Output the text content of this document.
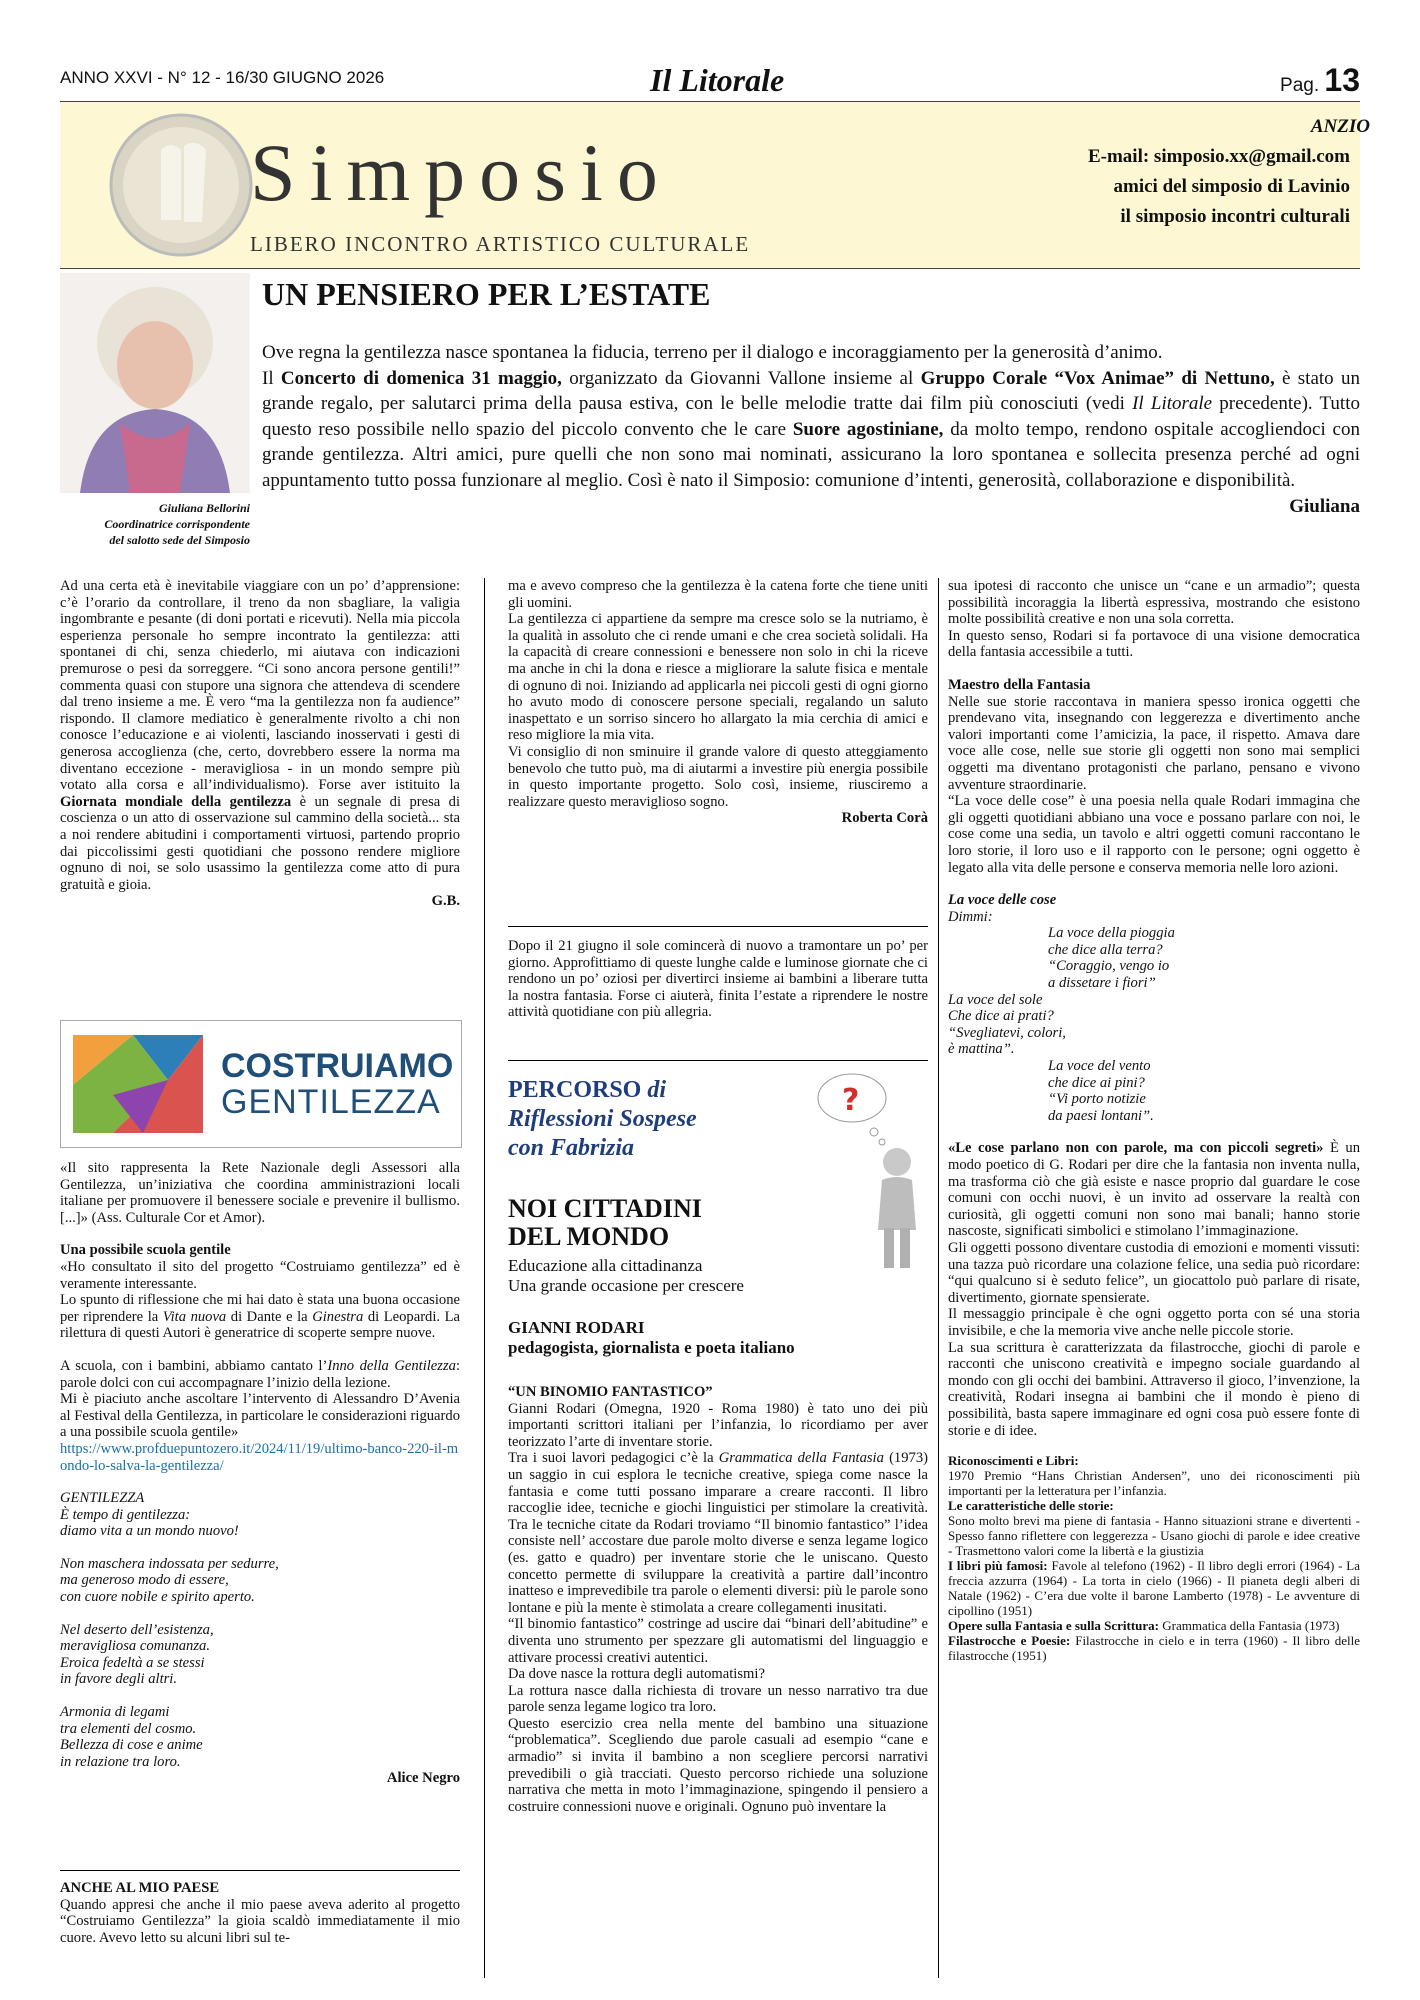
ANNO XXVI - N° 12 - 16/30 GIUGNO 2026	Il Litorale	Pag. 13
Simposio
LIBERO INCONTRO ARTISTICO CULTURALE
ANZIO
E-mail: simposio.xx@gmail.com
amici del simposio di Lavinio
il simposio incontri culturali
Giuliana Bellorini
Coordinatrice corrispondente
del salotto sede del Simposio
UN PENSIERO PER L’ESTATE
Ove regna la gentilezza nasce spontanea la fiducia, terreno per il dialogo e incoraggiamento per la generosità d’animo.
Il Concerto di domenica 31 maggio, organizzato da Giovanni Vallone insieme al Gruppo Corale “Vox Animae” di Nettuno, è stato un grande regalo, per salutarci prima della pausa estiva, con le belle melodie tratte dai film più conosciuti (vedi Il Litorale precedente). Tutto questo reso possibile nello spazio del piccolo convento che le care Suore agostiniane, da molto tempo, rendono ospitale accogliendoci con grande gentilezza. Altri amici, pure quelli che non sono mai nominati, assicurano la loro spontanea e sollecita presenza perché ad ogni appuntamento tutto possa funzionare al meglio. Così è nato il Simposio: comunione d’intenti, generosità, collaborazione e disponibilità.
Giuliana

Ad una certa età è inevitabile viaggiare con un po’ d’apprensione: c’è l’orario da controllare, il treno da non sbagliare, la valigia ingombrante e pesante (di doni portati e ricevuti). Nella mia piccola esperienza personale ho sempre incontrato la gentilezza: atti spontanei di chi, senza chiederlo, mi aiutava con indicazioni premurose o pesi da sorreggere. “Ci sono ancora persone gentili!” commenta quasi con stupore una signora che attendeva di scendere dal treno insieme a me. È vero “ma la gentilezza non fa audience” rispondo. Il clamore mediatico è generalmente rivolto a chi non conosce l’educazione e ai violenti, lasciando inosservati i gesti di generosa accoglienza (che, certo, dovrebbero essere la norma ma diventano eccezione - meravigliosa - in un mondo sempre più votato alla corsa e all’individualismo). Forse aver istituito la Giornata mondiale della gentilezza è un segnale di presa di coscienza o un atto di osservazione sul cammino della società... sta a noi rendere abitudini i comportamenti virtuosi, partendo proprio dai piccolissimi gesti quotidiani che possono rendere migliore ognuno di noi, se solo usassimo la gentilezza come atto di pura gratuità e gioia.

G.B.

COSTRUIAMO
GENTILEZZA

«Il sito rappresenta la Rete Nazionale degli Assessori alla Gentilezza, un’iniziativa che coordina amministrazioni locali italiane per promuovere il benessere sociale e prevenire il bullismo. [...]» (Ass. Culturale Cor et Amor).

Una possibile scuola gentile

«Ho consultato il sito del progetto “Costruiamo gentilezza” ed è veramente interessante.

Lo spunto di riflessione che mi hai dato è stata una buona occasione per riprendere la Vita nuova di Dante e la Ginestra di Leopardi. La rilettura di questi Autori è generatrice di scoperte sempre nuove.

A scuola, con i bambini, abbiamo cantato l’Inno della Gentilezza: parole dolci con cui accompagnare l’inizio della lezione.

Mi è piaciuto anche ascoltare l’intervento di Alessandro D’Avenia al Festival della Gentilezza, in particolare le considerazioni riguardo a una possibile scuola gentile»

https://www.profduepuntozero.it/2024/11/19/ultimo-banco-220-il-mondo-lo-salva-la-gentilezza/

GENTILEZZA
È tempo di gentilezza:
diamo vita a un mondo nuovo!
Non maschera indossata per sedurre,
ma generoso modo di essere,
con cuore nobile e spirito aperto.
Nel deserto dell’esistenza,
meravigliosa comunanza.
Eroica fedeltà a se stessi
in favore degli altri.
Armonia di legami
tra elementi del cosmo.
Bellezza di cose e anime
in relazione tra loro.

Alice Negro

ANCHE AL MIO PAESE

Quando appresi che anche il mio paese aveva aderito al progetto “Costruiamo Gentilezza” la gioia scaldò immediatamente il mio cuore. Avevo letto su alcuni libri sul te-

ma e avevo compreso che la gentilezza è la catena forte che tiene uniti gli uomini.

La gentilezza ci appartiene da sempre ma cresce solo se la nutriamo, è la qualità in assoluto che ci rende umani e che crea società solidali. Ha la capacità di creare connessioni e benessere non solo in chi la riceve ma anche in chi la dona e riesce a migliorare la salute fisica e mentale di ognuno di noi. Iniziando ad applicarla nei piccoli gesti di ogni giorno ho avuto modo di conoscere persone speciali, regalando un saluto inaspettato e un sorriso sincero ho allargato la mia cerchia di amici e reso migliore la mia vita.

Vi consiglio di non sminuire il grande valore di questo atteggiamento benevolo che tutto può, ma di aiutarmi a investire più energia possibile in questo importante progetto. Solo così, insieme, riusciremo a realizzare questo meraviglioso sogno.

Roberta Corà

Dopo il 21 giugno il sole comincerà di nuovo a tramontare un po’ per giorno. Approfittiamo di queste lunghe calde e luminose giornate che ci rendono un po’ oziosi per divertirci insieme ai bambini a liberare tutta la nostra fantasia. Forse ci aiuterà, finita l’estate a riprendere le nostre attività quotidiane con più allegria.

PERCORSO di
Riflessioni Sospese
con Fabrizia
?
NOI CITTADINI
DEL MONDO
Educazione alla cittadinanza
Una grande occasione per crescere
GIANNI RODARI
pedagogista, giornalista e poeta italiano

“UN BINOMIO FANTASTICO”

Gianni Rodari (Omegna, 1920 - Roma 1980) è tato uno dei più importanti scrittori italiani per l’infanzia, lo ricordiamo per aver teorizzato l’arte di inventare storie.

Tra i suoi lavori pedagogici c’è la Grammatica della Fantasia (1973) un saggio in cui esplora le tecniche creative, spiega come nasce la fantasia e come tutti possano imparare a creare racconti. Il libro raccoglie idee, tecniche e giochi linguistici per stimolare la creatività. Tra le tecniche citate da Rodari troviamo “Il binomio fantastico” l’idea consiste nell’ accostare due parole molto diverse e senza legame logico (es. gatto e quadro) per inventare storie che le uniscano. Questo concetto permette di sviluppare la creatività a partire dall’incontro inatteso e imprevedibile tra parole o elementi diversi: più le parole sono lontane e più la mente è stimolata a creare collegamenti inusitati.

“Il binomio fantastico” costringe ad uscire dai “binari dell’abitudine” e diventa uno strumento per spezzare gli automatismi del linguaggio e attivare processi creativi autentici.

Da dove nasce la rottura degli automatismi?

La rottura nasce dalla richiesta di trovare un nesso narrativo tra due parole senza legame logico tra loro.

Questo esercizio crea nella mente del bambino una situazione “problematica”. Scegliendo due parole casuali ad esempio “cane e armadio” si invita il bambino a non scegliere percorsi narrativi prevedibili o già tracciati. Questo percorso richiede una soluzione narrativa che metta in moto l’immaginazione, spingendo il pensiero a costruire connessioni nuove e originali. Ognuno può inventare la

sua ipotesi di racconto che unisce un “cane e un armadio”; questa possibilità incoraggia la libertà espressiva, mostrando che esistono molte possibilità creative e non una sola corretta.

In questo senso, Rodari si fa portavoce di una visione democratica della fantasia accessibile a tutti.

Maestro della Fantasia

Nelle sue storie raccontava in maniera spesso ironica oggetti che prendevano vita, insegnando con leggerezza e divertimento anche valori importanti come l’amicizia, la pace, il rispetto. Amava dare voce alle cose, nelle sue storie gli oggetti non sono mai semplici oggetti ma diventano protagonisti che parlano, pensano e vivono avventure straordinarie.

“La voce delle cose” è una poesia nella quale Rodari immagina che gli oggetti quotidiani abbiano una voce e possano parlare con noi, le cose come una sedia, un tavolo e altri oggetti comuni raccontano le loro storie, il loro uso e il rapporto con le persone; ogni oggetto è legato alla vita delle persone e conserva memoria nelle loro azioni.

La voce delle cose

Dimmi:
La voce della pioggia
che dice alla terra?
“Coraggio, vengo io
a dissetare i fiori”
La voce del sole
Che dice ai prati?
“Svegliatevi, colori,
è mattina”.
La voce del vento
che dice ai pini?
“Vi porto notizie
da paesi lontani”.

«Le cose parlano non con parole, ma con piccoli segreti» È un modo poetico di G. Rodari per dire che la fantasia non inventa nulla, ma trasforma ciò che già esiste e nasce proprio dal guardare le cose comuni con occhi nuovi, è un invito ad osservare la realtà con curiosità, gli oggetti comuni non sono mai banali; hanno storie nascoste, significati simbolici e stimolano l’immaginazione.

Gli oggetti possono diventare custodia di emozioni e momenti vissuti: una tazza può ricordare una colazione felice, una sedia può ricordare: “qui qualcuno si è seduto felice”, un giocattolo può parlare di risate, divertimento, giornate spensierate.

Il messaggio principale è che ogni oggetto porta con sé una storia invisibile, e che la memoria vive anche nelle piccole storie.

La sua scrittura è caratterizzata da filastrocche, giochi di parole e racconti che uniscono creatività e impegno sociale guardando al mondo con gli occhi dei bambini. Attraverso il gioco, l’invenzione, la creatività, Rodari insegna ai bambini che il mondo è pieno di possibilità, basta sapere immaginare ed ogni cosa può essere fonte di storie e di idee.

Riconoscimenti e Libri:

1970 Premio “Hans Christian Andersen”, uno dei riconoscimenti più importanti per la letteratura per l’infanzia.

Le caratteristiche delle storie:

Sono molto brevi ma piene di fantasia - Hanno situazioni strane e divertenti - Spesso fanno riflettere con leggerezza - Usano giochi di parole e idee creative - Trasmettono valori come la libertà e la giustizia

I libri più famosi: Favole al telefono (1962) - Il libro degli errori (1964) - La freccia azzurra (1964) - La torta in cielo (1966) - Il pianeta degli alberi di Natale (1962) - C’era due volte il barone Lamberto (1978) - Le avventure di cipollino (1951)

Opere sulla Fantasia e sulla Scrittura: Grammatica della Fantasia (1973)

Filastrocche e Poesie: Filastrocche in cielo e in terra (1960) - Il libro delle filastrocche (1951)
